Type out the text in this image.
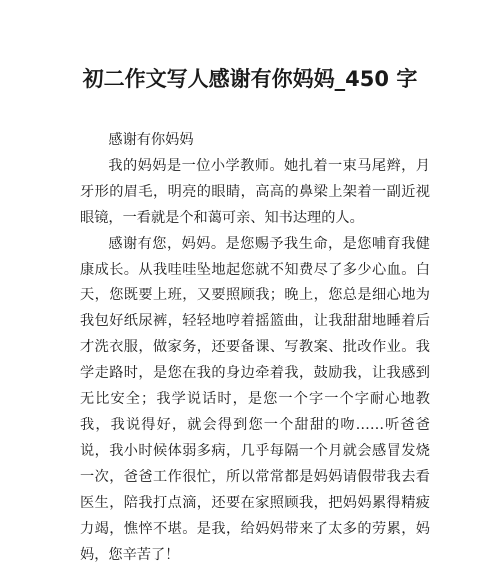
初二作文写人感谢有你妈妈_450 字

感谢有你妈妈

我的妈妈是一位小学教师。她扎着一束马尾辫，月牙形的眉毛，明亮的眼睛，高高的鼻梁上架着一副近视眼镜，一看就是个和蔼可亲、知书达理的人。

感谢有您，妈妈。是您赐予我生命，是您哺育我健康成长。从我哇哇坠地起您就不知费尽了多少心血。白天，您既要上班，又要照顾我；晚上，您总是细心地为我包好纸尿裤，轻轻地哼着摇篮曲，让我甜甜地睡着后才洗衣服，做家务，还要备课、写教案、批改作业。我学走路时，是您在我的身边牵着我，鼓励我，让我感到无比安全；我学说话时，是您一个字一个字耐心地教我，我说得好，就会得到您一个甜甜的吻……听爸爸说，我小时候体弱多病，几乎每隔一个月就会感冒发烧一次，爸爸工作很忙，所以常常都是妈妈请假带我去看医生，陪我打点滴，还要在家照顾我，把妈妈累得精疲力竭，憔悴不堪。是我，给妈妈带来了太多的劳累，妈妈，您辛苦了！
